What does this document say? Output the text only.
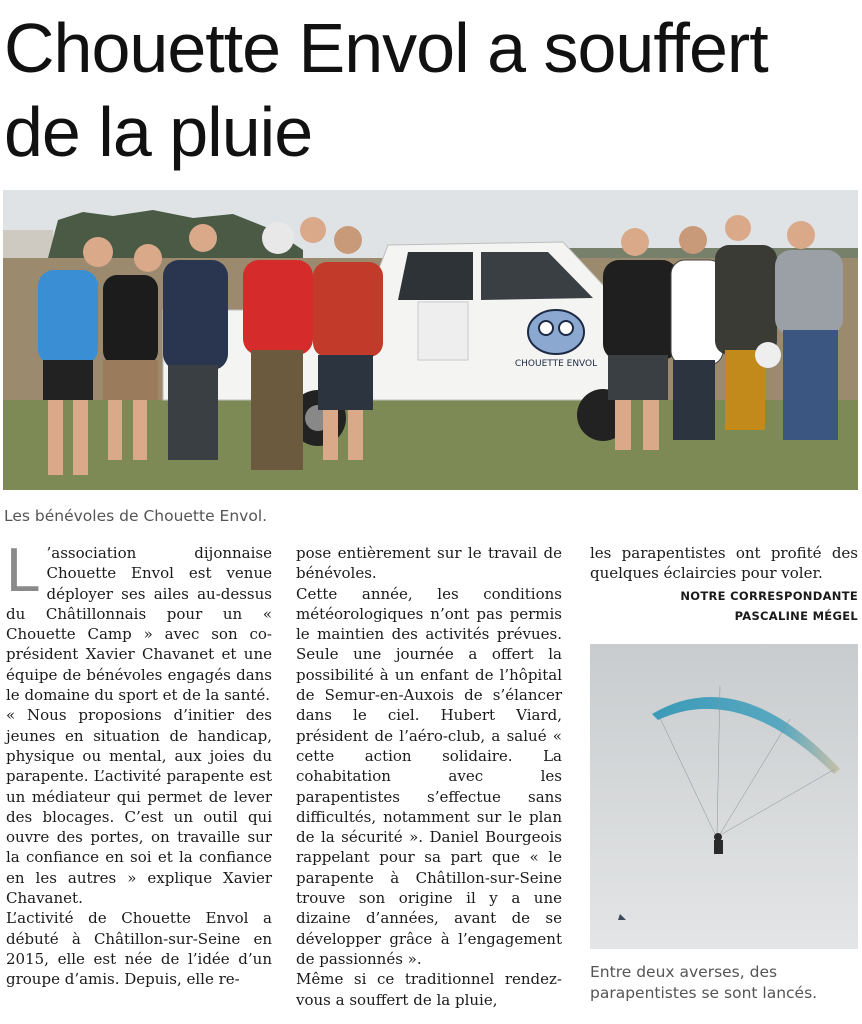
Chouette Envol a souffert
de la pluie
CHOUETTE ENVOL
Les bénévoles de Chouette Envol.
L ’association dijonnaise Chouette Envol est venue déployer ses ailes au-dessus du Châtillonnais pour un « Chouette Camp » avec son co-président Xavier Chavanet et une équipe de bénévoles engagés dans le domaine du sport et de la santé.

« Nous proposions d’initier des jeunes en situation de handicap, physique ou mental, aux joies du parapente. L’activité parapente est un médiateur qui permet de lever des blocages. C’est un outil qui ouvre des portes, on travaille sur la confiance en soi et la confiance en les autres » explique Xavier Chavanet.

L’activité de Chouette Envol a débuté à Châtillon-sur-Seine en 2015, elle est née de l’idée d’un groupe d’amis. Depuis, elle re-

pose entièrement sur le travail de bénévoles.

Cette année, les conditions météorologiques n’ont pas permis le maintien des activités prévues. Seule une journée a offert la possibilité à un enfant de l’hôpital de Semur-en-Auxois de s’élancer dans le ciel. Hubert Viard, président de l’aéro-club, a salué « cette action solidaire. La cohabitation avec les parapentistes s’effectue sans difficultés, notamment sur le plan de la sécurité ». Daniel Bourgeois rappelant pour sa part que « le parapente à Châtillon-sur-Seine trouve son origine il y a une dizaine d’années, avant de se développer grâce à l’engagement de passionnés ».

Même si ce traditionnel rendez-vous a souffert de la pluie,

les parapentistes ont profité des quelques éclaircies pour voler.

NOTRE CORRESPONDANTE
PASCALINE MÉGEL
Entre deux averses, des parapentistes se sont lancés.
